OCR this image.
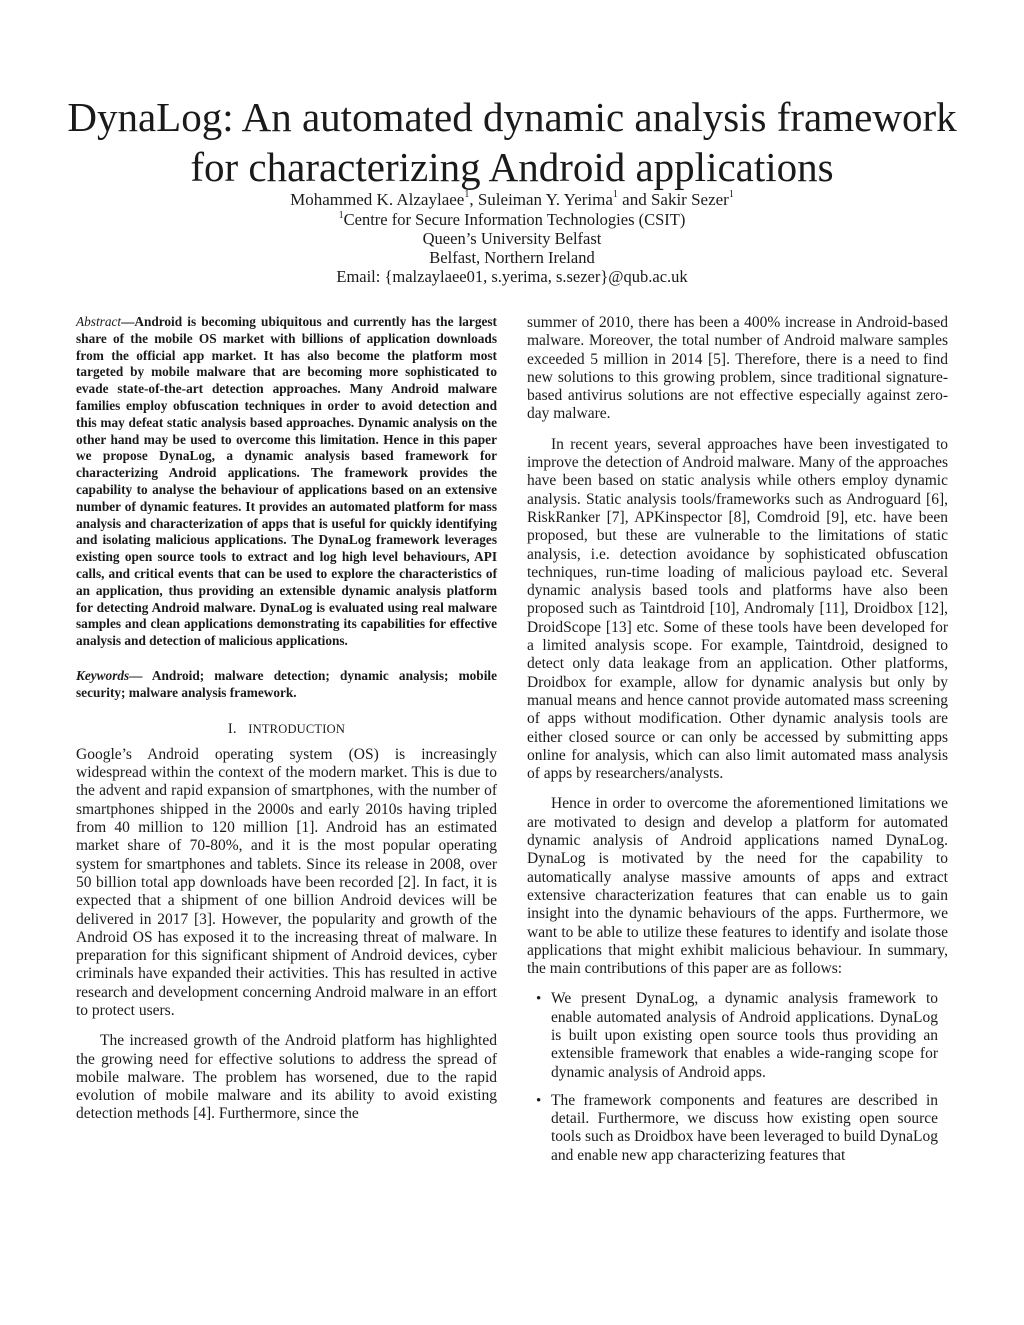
DynaLog: An automated dynamic analysis framework
for characterizing Android applications
Mohammed K. Alzaylaee$^1$, Suleiman Y. Yerima$^1$ and Sakir Sezer$^1$
$^1$Centre for Secure Information Technologies (CSIT)
Queen’s University Belfast
Belfast, Northern Ireland
Email: {malzaylaee01, s.yerima, s.sezer}@qub.ac.uk

Abstract—Android is becoming ubiquitous and currently has the largest share of the mobile OS market with billions of application downloads from the official app market. It has also become the platform most targeted by mobile malware that are becoming more sophisticated to evade state-of-the-art detection approaches. Many Android malware families employ obfuscation techniques in order to avoid detection and this may defeat static analysis based approaches. Dynamic analysis on the other hand may be used to overcome this limitation. Hence in this paper we propose DynaLog, a dynamic analysis based framework for characterizing Android applications. The framework provides the capability to analyse the behaviour of applications based on an extensive number of dynamic features. It provides an automated platform for mass analysis and characterization of apps that is useful for quickly identifying and isolating malicious applications. The DynaLog framework leverages existing open source tools to extract and log high level behaviours, API calls, and critical events that can be used to explore the characteristics of an application, thus providing an extensible dynamic analysis platform for detecting Android malware. DynaLog is evaluated using real malware samples and clean applications demonstrating its capabilities for effective analysis and detection of malicious applications.

Keywords— Android; malware detection; dynamic analysis; mobile security; malware analysis framework.

I. INTRODUCTION

Google’s Android operating system (OS) is increasingly widespread within the context of the modern market. This is due to the advent and rapid expansion of smartphones, with the number of smartphones shipped in the 2000s and early 2010s having tripled from 40 million to 120 million [1]. Android has an estimated market share of 70-80%, and it is the most popular operating system for smartphones and tablets. Since its release in 2008, over 50 billion total app downloads have been recorded [2]. In fact, it is expected that a shipment of one billion Android devices will be delivered in 2017 [3]. However, the popularity and growth of the Android OS has exposed it to the increasing threat of malware. In preparation for this significant shipment of Android devices, cyber criminals have expanded their activities. This has resulted in active research and development concerning Android malware in an effort to protect users.

The increased growth of the Android platform has highlighted the growing need for effective solutions to address the spread of mobile malware. The problem has worsened, due to the rapid evolution of mobile malware and its ability to avoid existing detection methods [4]. Furthermore, since the

summer of 2010, there has been a 400% increase in Android-based malware. Moreover, the total number of Android malware samples exceeded 5 million in 2014 [5]. Therefore, there is a need to find new solutions to this growing problem, since traditional signature-based antivirus solutions are not effective especially against zero-day malware.

In recent years, several approaches have been investigated to improve the detection of Android malware. Many of the approaches have been based on static analysis while others employ dynamic analysis. Static analysis tools/frameworks such as Androguard [6], RiskRanker [7], APKinspector [8], Comdroid [9], etc. have been proposed, but these are vulnerable to the limitations of static analysis, i.e. detection avoidance by sophisticated obfuscation techniques, run-time loading of malicious payload etc. Several dynamic analysis based tools and platforms have also been proposed such as Taintdroid [10], Andromaly [11], Droidbox [12], DroidScope [13] etc. Some of these tools have been developed for a limited analysis scope. For example, Taintdroid, designed to detect only data leakage from an application. Other platforms, Droidbox for example, allow for dynamic analysis but only by manual means and hence cannot provide automated mass screening of apps without modification. Other dynamic analysis tools are either closed source or can only be accessed by submitting apps online for analysis, which can also limit automated mass analysis of apps by researchers/analysts.

Hence in order to overcome the aforementioned limitations we are motivated to design and develop a platform for automated dynamic analysis of Android applications named DynaLog. DynaLog is motivated by the need for the capability to automatically analyse massive amounts of apps and extract extensive characterization features that can enable us to gain insight into the dynamic behaviours of the apps. Furthermore, we want to be able to utilize these features to identify and isolate those applications that might exhibit malicious behaviour. In summary, the main contributions of this paper are as follows:

• We present DynaLog, a dynamic analysis framework to enable automated analysis of Android applications. DynaLog is built upon existing open source tools thus providing an extensible framework that enables a wide-ranging scope for dynamic analysis of Android apps.
• The framework components and features are described in detail. Furthermore, we discuss how existing open source tools such as Droidbox have been leveraged to build DynaLog and enable new app characterizing features that
